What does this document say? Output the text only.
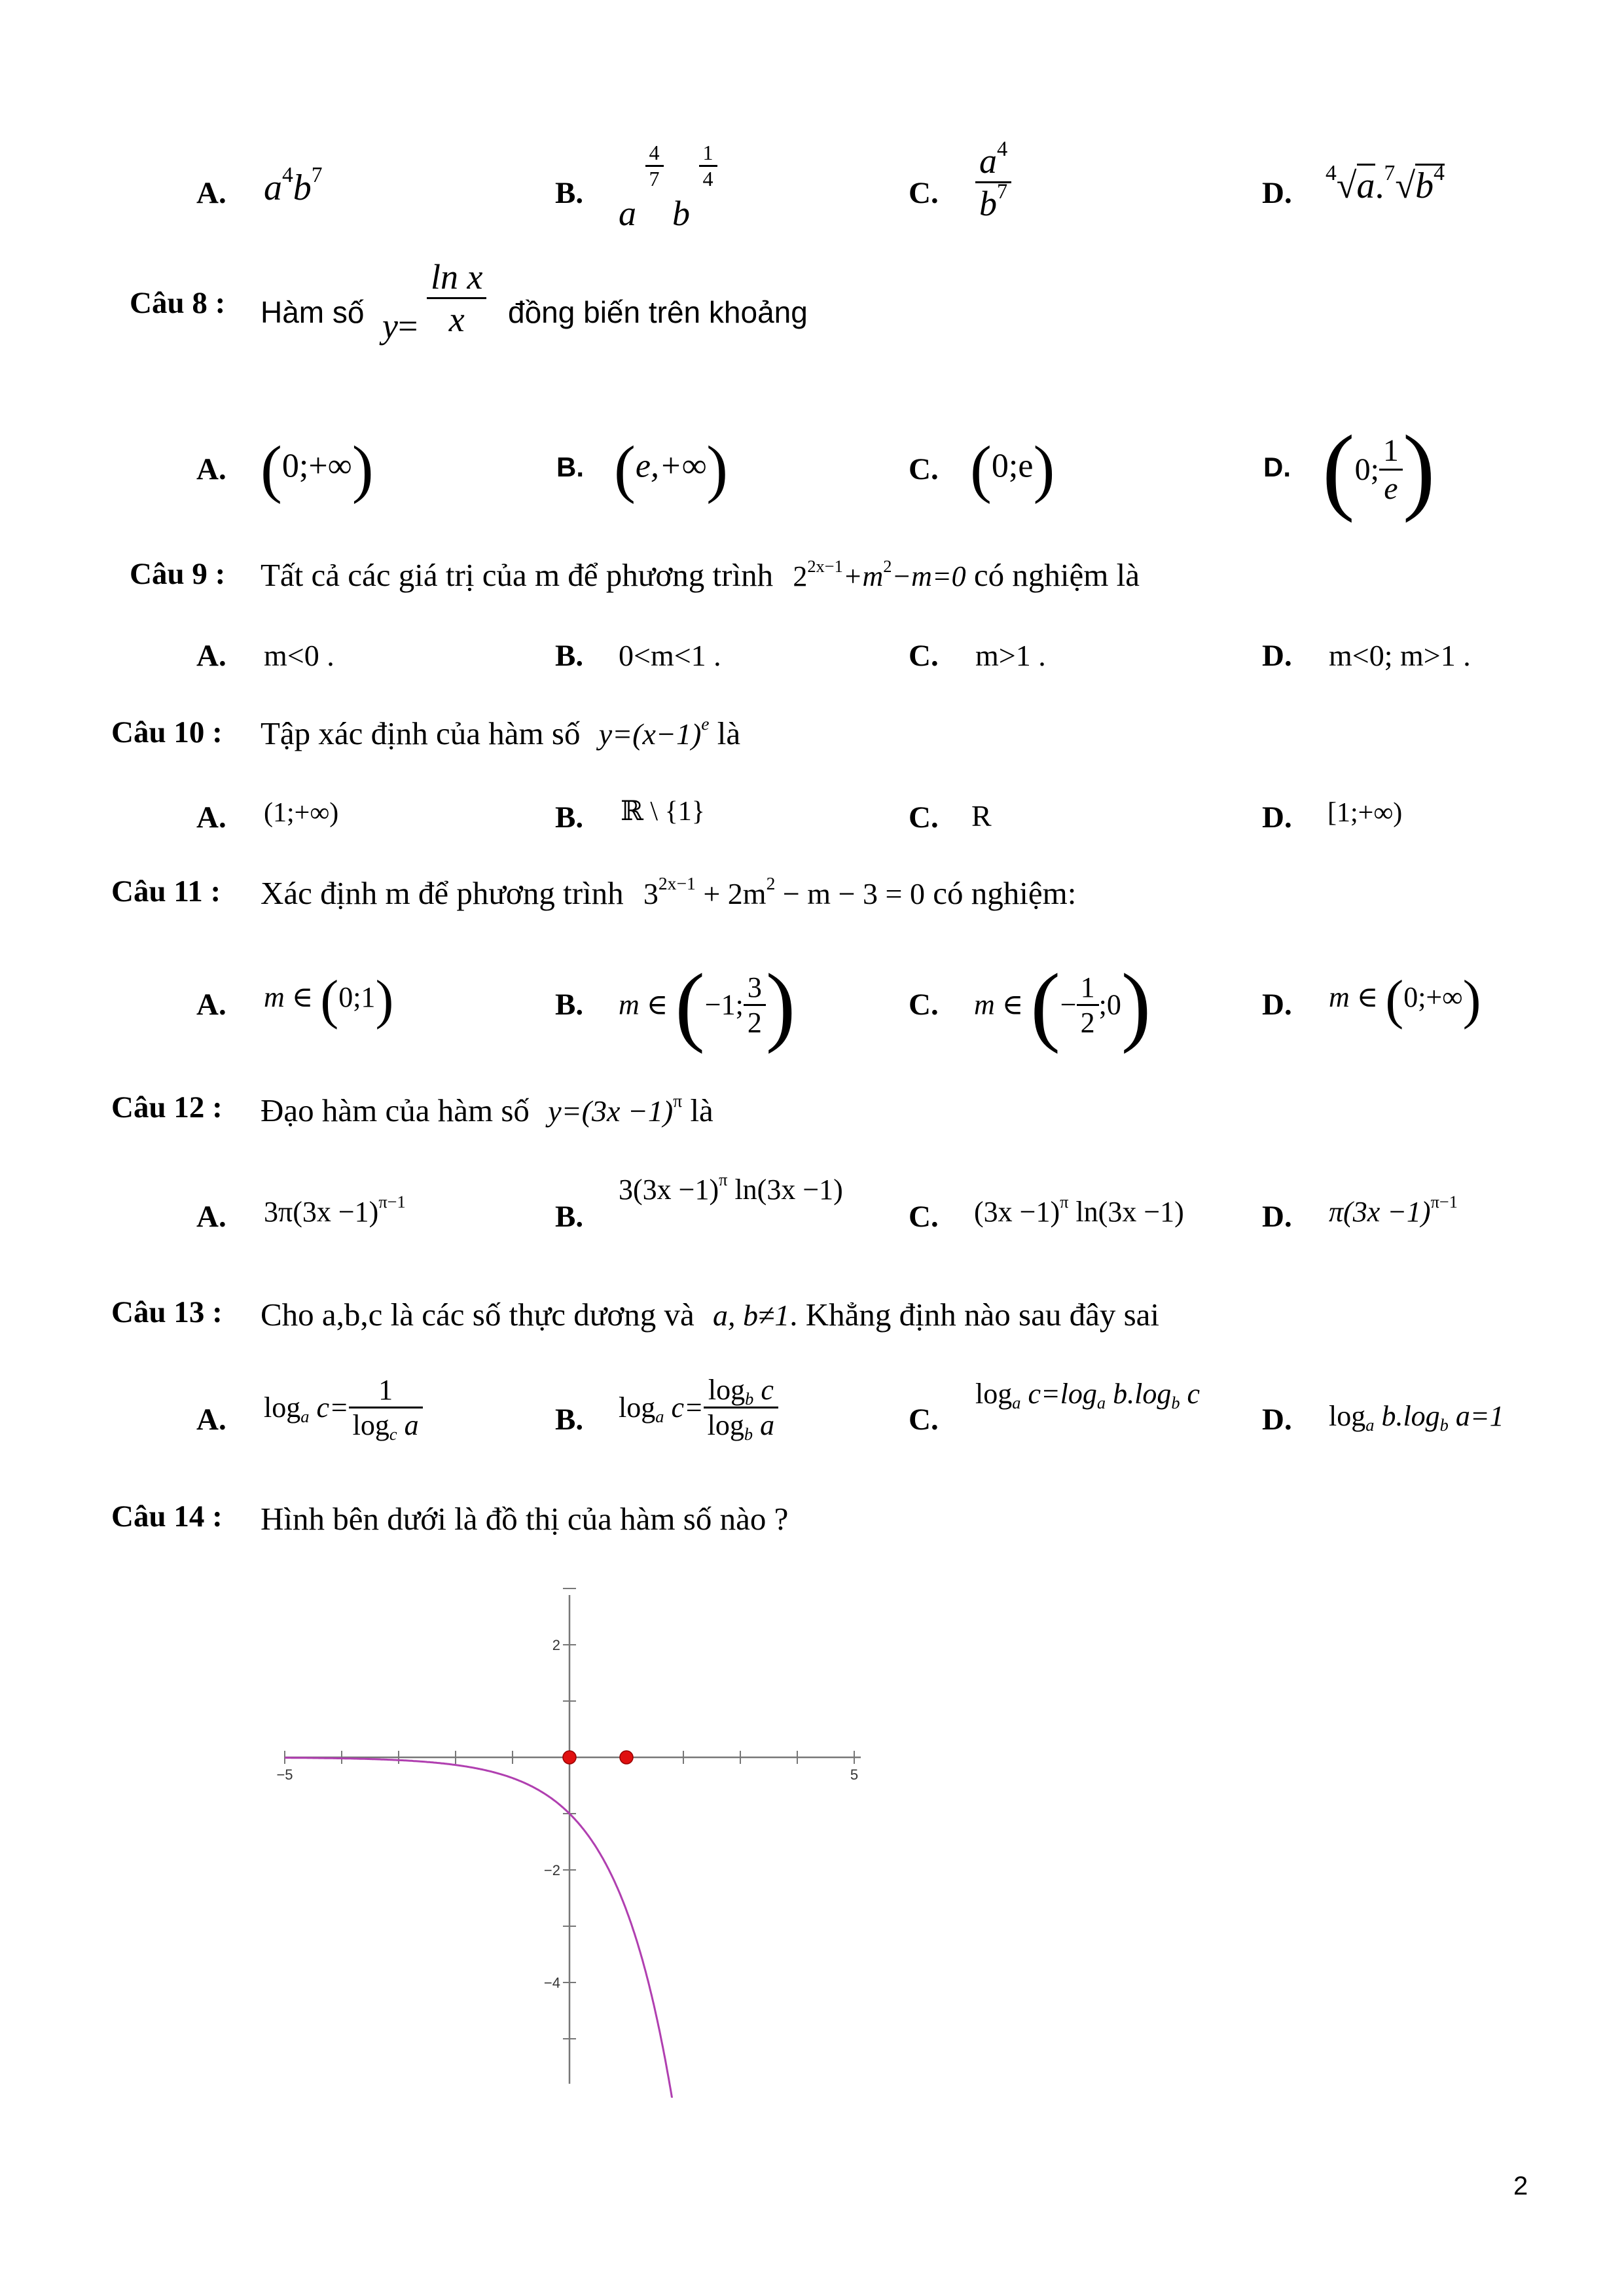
A. $a^4b^7$
B.
a
$\frac{4}{7}$
b
$\frac{1}{4}$
C. $\frac{a^4}{b^7}$	D.
$^4√a.^7√b^4$
Câu 8 : Hàm số $y= \frac{\text{ln x}}{x}$ đồng biến trên khoảng
A. (0;+∞)	B. (e,+∞)	C. (0;e)	D. (0; $\frac{1}{e}$ )
Câu 9 : Tất cả các giá trị của m để phương trình $2^{2x-1}+m^2-m=0$ có nghiệm là
A. m<0 .	B. 0<m<1 .	C. m>1 .	D. m<0; m>1 .
Câu 10 : Tập xác định của hàm số $y=(x-1)^e$ là
A. (1;+∞)	B. ℝ \ {1}	C. R	D. [1;+∞)
Câu 11 : Xác định m để phương trình $3^{2x-1} + 2m^2 - m - 3 = 0$ có nghiệm:
A. m ∈ (0;1)	B. m ∈ (−1; $\frac{3}{2}$ )	C. m ∈ (− $\frac{1}{2}$ ;0)	D. m ∈ (0;+∞)
Câu 12 : Đạo hàm của hàm số $y=(3x -1)^\pi$ là
A. $3\pi(3x -1)^{\pi-1}$	B.
$3(3x -1)^\pi$ ln(3x −1)
C. $(3x -1)^\pi$ ln(3x −1)	D. $\pi(3x -1)^{\pi-1}$
Câu 13 : Cho a,b,c là các số thực dương và a, b≠1. Khẳng định nào sau đây sai
A. $\log_a c= \frac{1}{\log_c a}$	B. $\log_a c= \frac{\log_b c}{\log_b a}$	C.
$\log_a c=\log_a$ $b.\log_b$ c
D. $\log_a b.\log_b$ a=1
Câu 14 : Hình bên dưới là đồ thị của hàm số nào ?
−5	5
2
−2
−4
2
